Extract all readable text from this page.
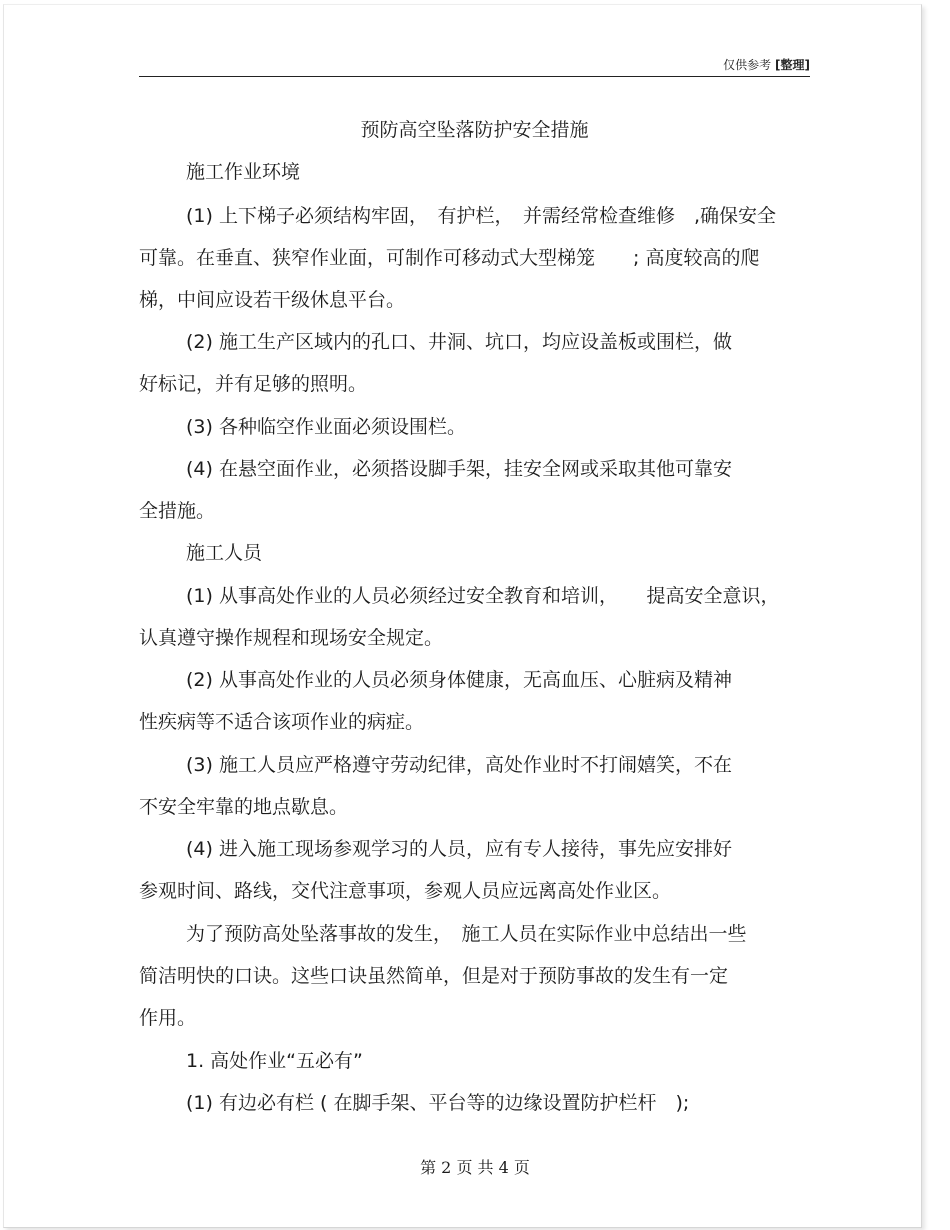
仅供参考 [整理]
预防高空坠落防护安全措施
施工作业环境
(1) 上下梯子必须结构牢固，　有护栏，　并需经常检查维修　,确保安全
可靠。在垂直、狭窄作业面，可制作可移动式大型梯笼　　; 高度较高的爬
梯，中间应设若干级休息平台。
(2) 施工生产区域内的孔口、井洞、坑口，均应设盖板或围栏，做
好标记，并有足够的照明。
(3) 各种临空作业面必须设围栏。
(4) 在悬空面作业，必须搭设脚手架，挂安全网或采取其他可靠安
全措施。
施工人员
(1) 从事高处作业的人员必须经过安全教育和培训，　　提高安全意识，
认真遵守操作规程和现场安全规定。
(2) 从事高处作业的人员必须身体健康，无高血压、心脏病及精神
性疾病等不适合该项作业的病症。
(3) 施工人员应严格遵守劳动纪律，高处作业时不打闹嬉笑，不在
不安全牢靠的地点歇息。
(4) 进入施工现场参观学习的人员，应有专人接待，事先应安排好
参观时间、路线，交代注意事项，参观人员应远离高处作业区。
为了预防高处坠落事故的发生，　施工人员在实际作业中总结出一些
简洁明快的口诀。这些口诀虽然简单，但是对于预防事故的发生有一定
作用。
1. 高处作业“五必有”
(1) 有边必有栏 ( 在脚手架、平台等的边缘设置防护栏杆　);
第 2 页 共 4 页
